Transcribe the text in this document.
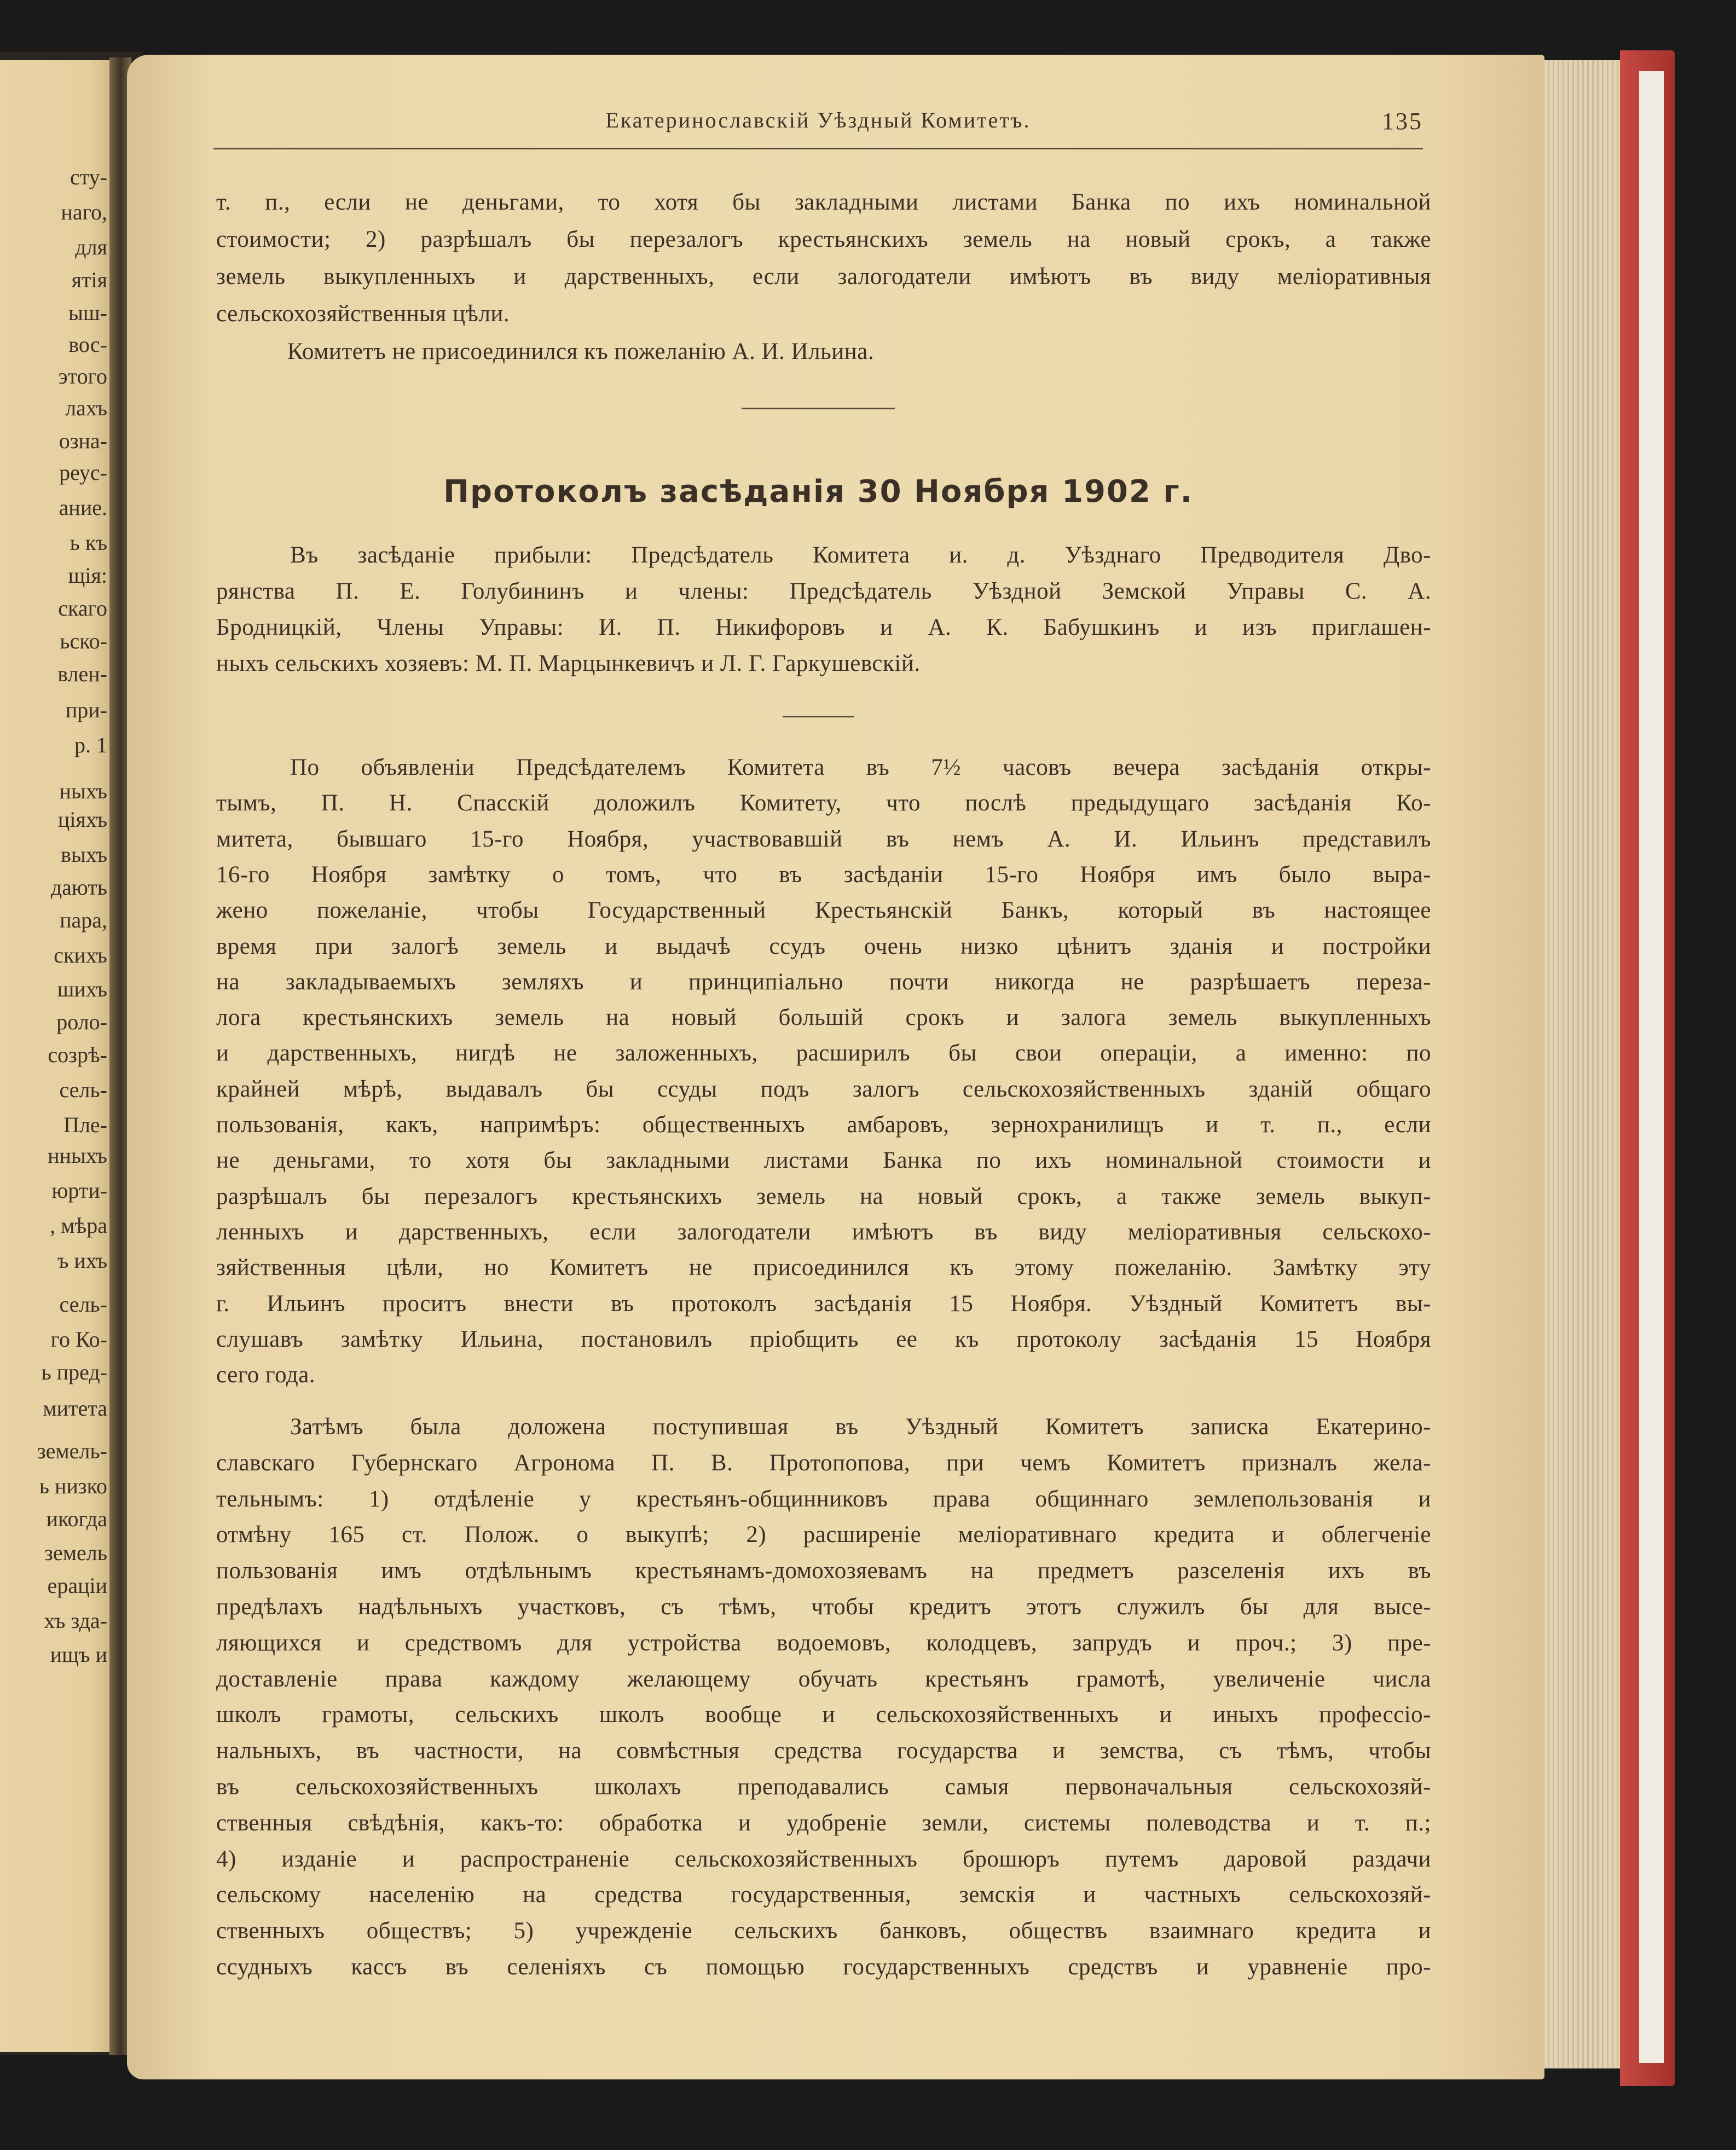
сту-
наго,
для
ятія
ыш-
вос-
этого
лахъ
озна-
реус-
ание.
ь къ
щія:
скаго
ьско-
влен-
при-
р. 1
ныхъ
ціяхъ
выхъ
дають
пара,
скихъ
шихъ
роло-
созрѣ-
сель-
Пле-
нныхъ
юрти-
, мѣра
ъ ихъ
сель-
го Ко-
ь пред-
митета
земель-
ь низко
икогда
земель
ераціи
хъ зда-
ищъ и
Екатеринославскій Уѣздный Комитетъ.	135
т. п., если не деньгами, то хотя бы закладными листами Банка по ихъ номинальной
стоимости; 2) разрѣшалъ бы перезалогъ крестьянскихъ земель на новый срокъ, а также
земель выкупленныхъ и дарственныхъ, если залогодатели имѣютъ въ виду меліоративныя
сельскохозяйственныя цѣли.
Комитетъ не присоединился къ пожеланію А. И. Ильина.
Протоколъ засѣданія 30 Ноября 1902 г.
Въ засѣданіе прибыли: Предсѣдатель Комитета и. д. Уѣзднаго Предводителя Дво-
рянства П. Е. Голубининъ и члены: Предсѣдатель Уѣздной Земской Управы С. А.
Бродницкій, Члены Управы: И. П. Никифоровъ и А. К. Бабушкинъ и изъ приглашен-
ныхъ сельскихъ хозяевъ: М. П. Марцынкевичъ и Л. Г. Гаркушевскій.
По объявленіи Предсѣдателемъ Комитета въ 7½ часовъ вечера засѣданія откры-
тымъ, П. Н. Спасскій доложилъ Комитету, что послѣ предыдущаго засѣданія Ко-
митета, бывшаго 15-го Ноября, участвовавшій въ немъ А. И. Ильинъ представилъ
16-го Ноября замѣтку о томъ, что въ засѣданіи 15-го Ноября имъ было выра-
жено пожеланіе, чтобы Государственный Крестьянскій Банкъ, который въ настоящее
время при залогѣ земель и выдачѣ ссудъ очень низко цѣнитъ зданія и постройки
на закладываемыхъ земляхъ и принципіально почти никогда не разрѣшаетъ переза-
лога крестьянскихъ земель на новый большій срокъ и залога земель выкупленныхъ
и дарственныхъ, нигдѣ не заложенныхъ, расширилъ бы свои операціи, а именно: по
крайней мѣрѣ, выдавалъ бы ссуды подъ залогъ сельскохозяйственныхъ зданій общаго
пользованія, какъ, напримѣръ: общественныхъ амбаровъ, зернохранилищъ и т. п., если
не деньгами, то хотя бы закладными листами Банка по ихъ номинальной стоимости и
разрѣшалъ бы перезалогъ крестьянскихъ земель на новый срокъ, а также земель выкуп-
ленныхъ и дарственныхъ, если залогодатели имѣютъ въ виду меліоративныя сельскохо-
зяйственныя цѣли, но Комитетъ не присоединился къ этому пожеланію. Замѣтку эту
г. Ильинъ проситъ внести въ протоколъ засѣданія 15 Ноября. Уѣздный Комитетъ вы-
слушавъ замѣтку Ильина, постановилъ пріобщить ее къ протоколу засѣданія 15 Ноября
сего года.
Затѣмъ была доложена поступившая въ Уѣздный Комитетъ записка Екатерино-
славскаго Губернскаго Агронома П. В. Протопопова, при чемъ Комитетъ призналъ жела-
тельнымъ: 1) отдѣленіе у крестьянъ-общинниковъ права общиннаго землепользованія и
отмѣну 165 ст. Полож. о выкупѣ; 2) расширеніе меліоративнаго кредита и облегченіе
пользованія имъ отдѣльнымъ крестьянамъ-домохозяевамъ на предметъ разселенія ихъ въ
предѣлахъ надѣльныхъ участковъ, съ тѣмъ, чтобы кредитъ этотъ служилъ бы для высе-
ляющихся и средствомъ для устройства водоемовъ, колодцевъ, запрудъ и проч.; 3) пре-
доставленіе права каждому желающему обучать крестьянъ грамотѣ, увеличеніе числа
школъ грамоты, сельскихъ школъ вообще и сельскохозяйственныхъ и иныхъ профессіо-
нальныхъ, въ частности, на совмѣстныя средства государства и земства, съ тѣмъ, чтобы
въ сельскохозяйственныхъ школахъ преподавались самыя первоначальныя сельскохозяй-
ственныя свѣдѣнія, какъ-то: обработка и удобреніе земли, системы полеводства и т. п.;
4) изданіе и распространеніе сельскохозяйственныхъ брошюръ путемъ даровой раздачи
сельскому населенію на средства государственныя, земскія и частныхъ сельскохозяй-
ственныхъ обществъ; 5) учрежденіе сельскихъ банковъ, обществъ взаимнаго кредита и
ссудныхъ кассъ въ селеніяхъ съ помощью государственныхъ средствъ и уравненіе про-
